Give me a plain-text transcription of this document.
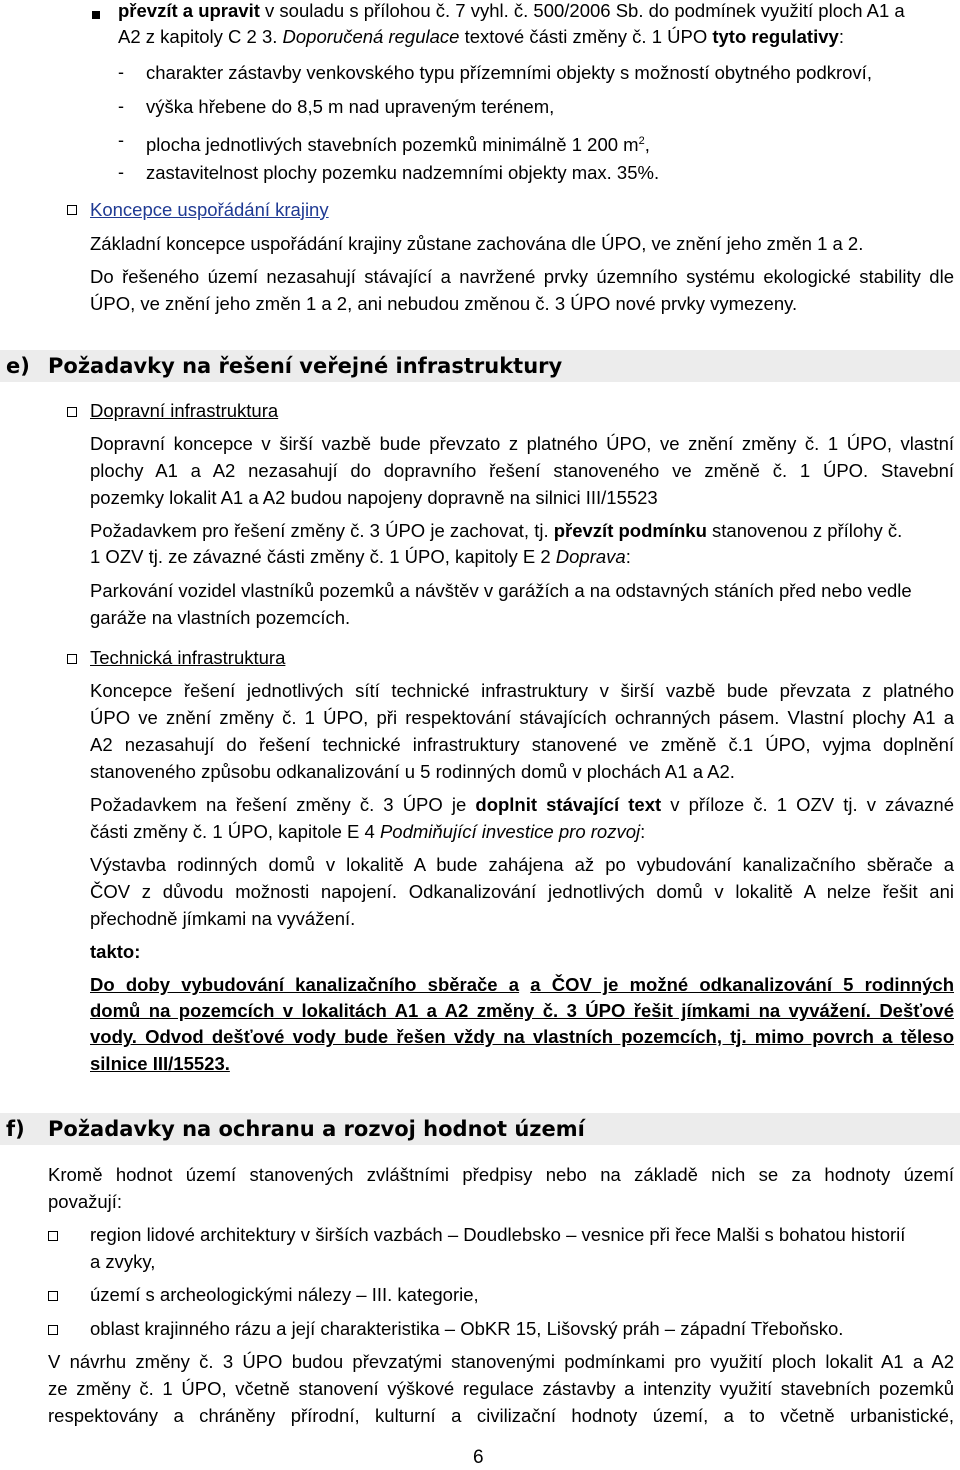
převzít a upravit v souladu s přílohou č. 7 vyhl. č. 500/2006 Sb. do podmínek využití ploch A1 a
A2 z kapitoly C 2 3. Doporučená regulace textové části změny č. 1 ÚPO tyto regulativy:
- charakter zástavby venkovského typu přízemními objekty s možností obytného podkroví,
- výška hřebene do 8,5 m nad upraveným terénem,
- plocha jednotlivých stavebních pozemků minimálně 1 200 $m^2$,
- zastavitelnost plochy pozemku nadzemními objekty max. 35%.
Koncepce uspořádání krajiny
Základní koncepce uspořádání krajiny zůstane zachována dle ÚPO, ve znění jeho změn 1 a 2.
Do řešeného území nezasahují stávající a navržené prvky územního systému ekologické stability dle
ÚPO, ve znění jeho změn 1 a 2, ani nebudou změnou č. 3 ÚPO nové prvky vymezeny.
e) Požadavky na řešení veřejné infrastruktury
Dopravní infrastruktura
Dopravní koncepce v širší vazbě bude převzato z platného ÚPO, ve znění změny č. 1 ÚPO, vlastní
plochy A1 a A2 nezasahují do dopravního řešení stanoveného ve změně č. 1 ÚPO. Stavební
pozemky lokalit A1 a A2 budou napojeny dopravně na silnici III/15523
Požadavkem pro řešení změny č. 3 ÚPO je zachovat, tj. převzít podmínku stanovenou z přílohy č.
1 OZV tj. ze závazné části změny č. 1 ÚPO, kapitoly E 2 Doprava:
Parkování vozidel vlastníků pozemků a návštěv v garážích a na odstavných stáních před nebo vedle
garáže na vlastních pozemcích.
Technická infrastruktura
Koncepce řešení jednotlivých sítí technické infrastruktury v širší vazbě bude převzata z platného
ÚPO ve znění změny č. 1 ÚPO, při respektování stávajících ochranných pásem. Vlastní plochy A1 a
A2 nezasahují do řešení technické infrastruktury stanovené ve změně č.1 ÚPO, vyjma doplnění
stanoveného způsobu odkanalizování u 5 rodinných domů v plochách A1 a A2.
Požadavkem na řešení změny č. 3 ÚPO je doplnit stávající text v příloze č. 1 OZV tj. v závazné
části změny č. 1 ÚPO, kapitole E 4 Podmiňující investice pro rozvoj:
Výstavba rodinných domů v lokalitě A bude zahájena až po vybudování kanalizačního sběrače a
ČOV z důvodu možnosti napojení. Odkanalizování jednotlivých domů v lokalitě A nelze řešit ani
přechodně jímkami na vyvážení.
takto:
Do doby vybudování kanalizačního sběrače a a ČOV je možné odkanalizování 5 rodinných
domů na pozemcích v lokalitách A1 a A2 změny č. 3 ÚPO řešit jímkami na vyvážení. Dešťové
vody. Odvod dešťové vody bude řešen vždy na vlastních pozemcích, tj. mimo povrch a těleso
silnice III/15523.
f) Požadavky na ochranu a rozvoj hodnot území
Kromě hodnot území stanovených zvláštními předpisy nebo na základě nich se za hodnoty území
považují:
region lidové architektury v širších vazbách – Doudlebsko – vesnice při řece Malši s bohatou historií
a zvyky,
území s archeologickými nálezy – III. kategorie,
oblast krajinného rázu a její charakteristika – ObKR 15, Lišovský práh – západní Třeboňsko.
V návrhu změny č. 3 ÚPO budou převzatými stanovenými podmínkami pro využití ploch lokalit A1 a A2
ze změny č. 1 ÚPO, včetně stanovení výškové regulace zástavby a intenzity využití stavebních pozemků
respektovány a chráněny přírodní, kulturní a civilizační hodnoty území, a to včetně urbanistické,
6
